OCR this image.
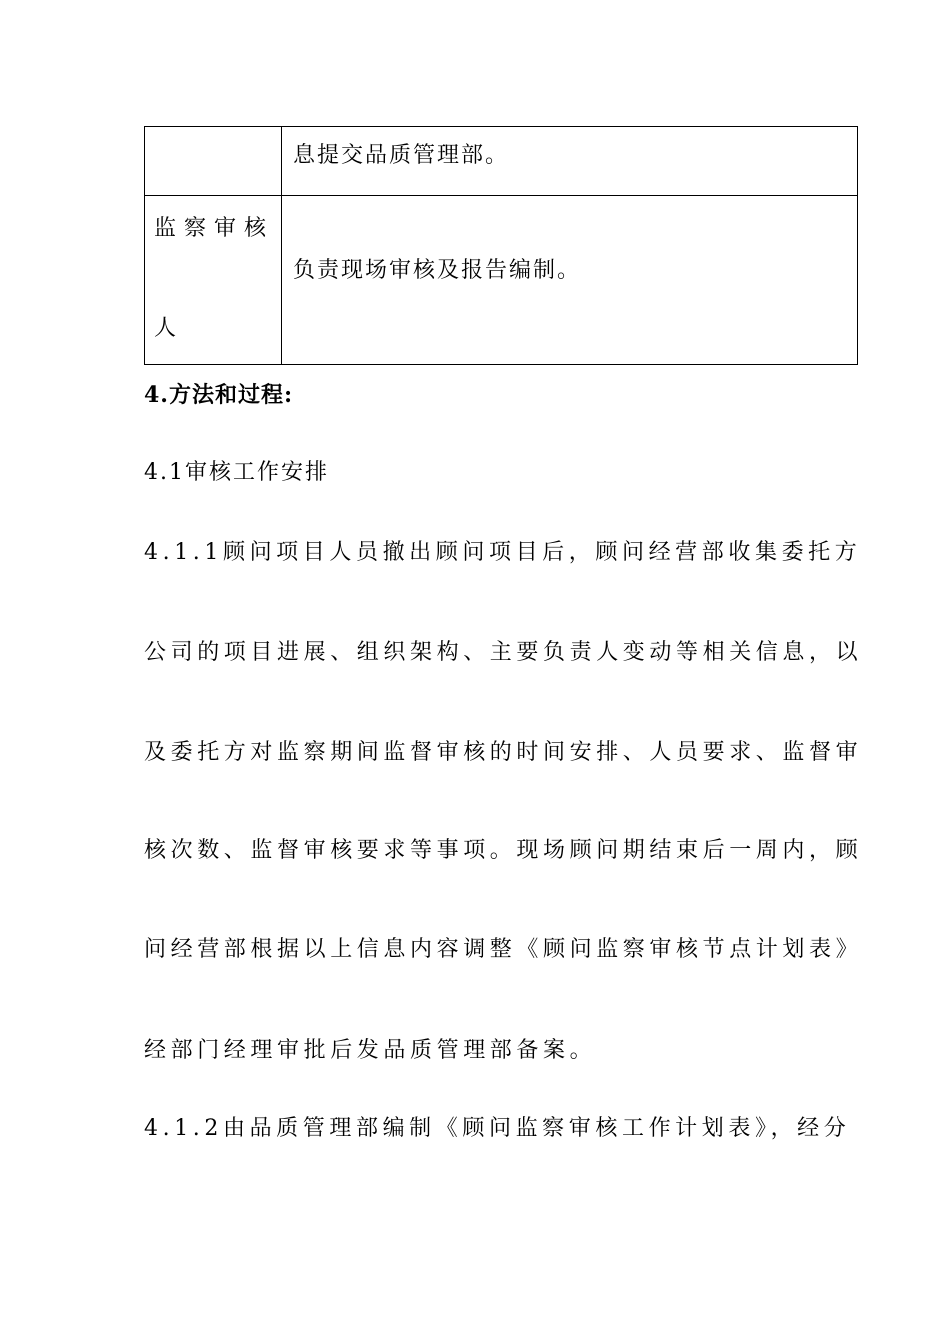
	息提交品质管理部。

监察审核
人	负责现场审核及报告编制。

4.方法和过程:

4.1审核工作安排

4.1.1顾问项目人员撤出顾问项目后，顾问经营部收集委托方

公司的项目进展、组织架构、主要负责人变动等相关信息，以

及委托方对监察期间监督审核的时间安排、人员要求、监督审

核次数、监督审核要求等事项。现场顾问期结束后一周内，顾

问经营部根据以上信息内容调整《顾问监察审核节点计划表》

经部门经理审批后发品质管理部备案。

4.1.2由品质管理部编制《顾问监察审核工作计划表》，经分
